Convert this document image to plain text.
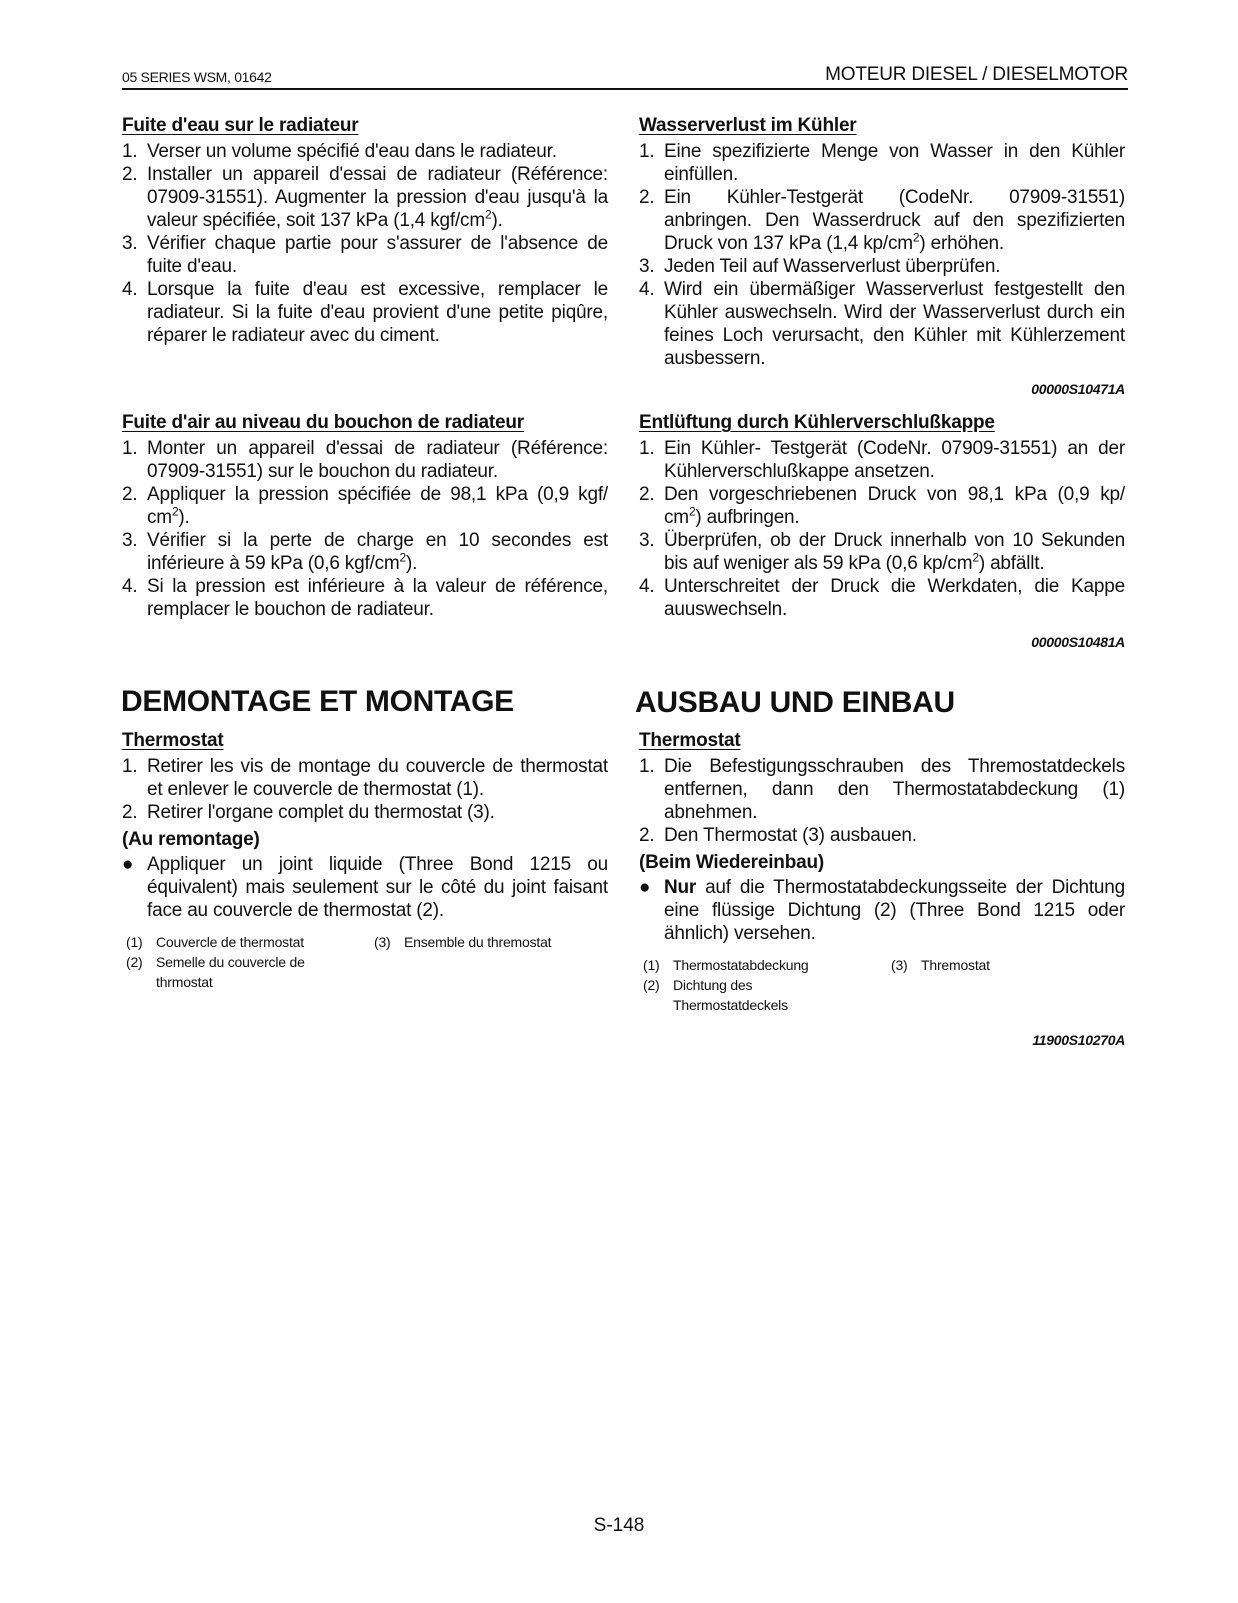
05 SERIES WSM, 01642	MOTEUR DIESEL / DIESELMOTOR
Fuite d'eau sur le radiateur
1. Verser un volume spécifié d'eau dans le radiateur.
2. Installer un appareil d'essai de radiateur (Référence: 07909-31551). Augmenter la pression d'eau jusqu'à la valeur spécifiée, soit 137 kPa (1,4 kgf/$cm^2$).
3. Vérifier chaque partie pour s'assurer de l'absence de fuite d'eau.
4. Lorsque la fuite d'eau est excessive, remplacer le radiateur. Si la fuite d'eau provient d'une petite piqûre, réparer le radiateur avec du ciment.
Wasserverlust im Kühler
1. Eine spezifizierte Menge von Wasser in den Kühler einfüllen.
2. Ein Kühler-Testgerät (CodeNr. 07909-31551) anbringen. Den Wasserdruck auf den spezifizierten Druck von 137 kPa (1,4 $kp/cm^2$) erhöhen.
3. Jeden Teil auf Wasserverlust überprüfen.
4. Wird ein übermäßiger Wasserverlust festgestellt den Kühler auswechseln. Wird der Wasserverlust durch ein feines Loch verursacht, den Kühler mit Kühlerzement ausbessern.
00000S10471A
Fuite d'air au niveau du bouchon de radiateur
1. Monter un appareil d'essai de radiateur (Référence: 07909-31551) sur le bouchon du radiateur.
2. Appliquer la pression spécifiée de 98,1 kPa (0,9 kgf/ $cm^2$).
3. Vérifier si la perte de charge en 10 secondes est inférieure à 59 kPa (0,6 kgf/$cm^2$).
4. Si la pression est inférieure à la valeur de référence, remplacer le bouchon de radiateur.
Entlüftung durch Kühlerverschlußkappe
1. Ein Kühler- Testgerät (CodeNr. 07909-31551) an der Kühlerverschlußkappe ansetzen.
2. Den vorgeschriebenen Druck von 98,1 kPa (0,9 kp/ $cm^2$) aufbringen.
3. Überprüfen, ob der Druck innerhalb von 10 Sekunden bis auf weniger als 59 kPa (0,6 $kp/cm^2$) abfällt.
4. Unterschreitet der Druck die Werkdaten, die Kappe auuswechseln.
00000S10481A
DEMONTAGE ET MONTAGE	AUSBAU UND EINBAU
Thermostat
1. Retirer les vis de montage du couvercle de thermostat et enlever le couvercle de thermostat (1).
2. Retirer l'organe complet du thermostat (3).
(Au remontage)
● Appliquer un joint liquide (Three Bond 1215 ou équivalent) mais seulement sur le côté du joint faisant face au couvercle de thermostat (2).
(1) Couvercle de thermostat	(3) Ensemble du thremostat
(2) Semelle du couvercle de thrmostat
Thermostat
1. Die Befestigungsschrauben des Thremostatdeckels entfernen, dann den Thermostatabdeckung (1) abnehmen.
2. Den Thermostat (3) ausbauen.
(Beim Wiedereinbau)
● Nur auf die Thermostatabdeckungsseite der Dichtung eine flüssige Dichtung (2) (Three Bond 1215 oder ähnlich) versehen.
(1) Thermostatabdeckung	(3) Thremostat
(2) Dichtung des Thermostatdeckels
11900S10270A
S-148
